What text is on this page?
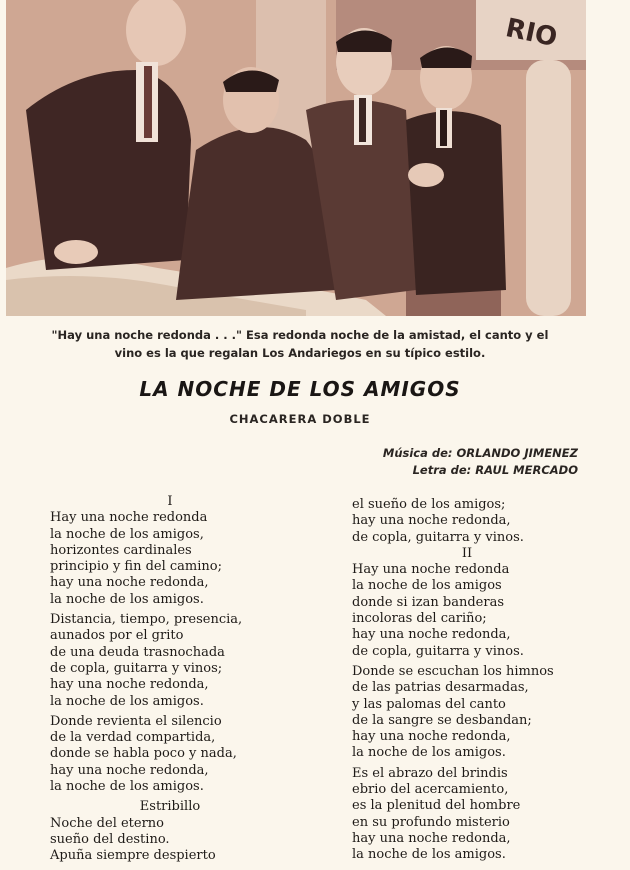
RIO
"Hay una noche redonda . . ." Esa redonda noche de la amistad, el canto y el
vino es la que regalan Los Andariegos en su típico estilo.
LA NOCHE DE LOS AMIGOS
CHACARERA DOBLE
Música de: ORLANDO JIMENEZ
Letra de: RAUL MERCADO
I
Hay una noche redonda
la noche de los amigos,
horizontes cardinales
principio y fin del camino;
hay una noche redonda,
la noche de los amigos.
Distancia, tiempo, presencia,
aunados por el grito
de una deuda trasnochada
de copla, guitarra y vinos;
hay una noche redonda,
la noche de los amigos.
Donde revienta el silencio
de la verdad compartida,
donde se habla poco y nada,
hay una noche redonda,
la noche de los amigos.
Estribillo
Noche del eterno
sueño del destino.
Apuña siempre despierto
el sueño de los amigos;
hay una noche redonda,
de copla, guitarra y vinos.
II
Hay una noche redonda
la noche de los amigos
donde si izan banderas
incoloras del cariño;
hay una noche redonda,
de copla, guitarra y vinos.
Donde se escuchan los himnos
de las patrias desarmadas,
y las palomas del canto
de la sangre se desbandan;
hay una noche redonda,
la noche de los amigos.
Es el abrazo del brindis
ebrio del acercamiento,
es la plenitud del hombre
en su profundo misterio
hay una noche redonda,
la noche de los amigos.
